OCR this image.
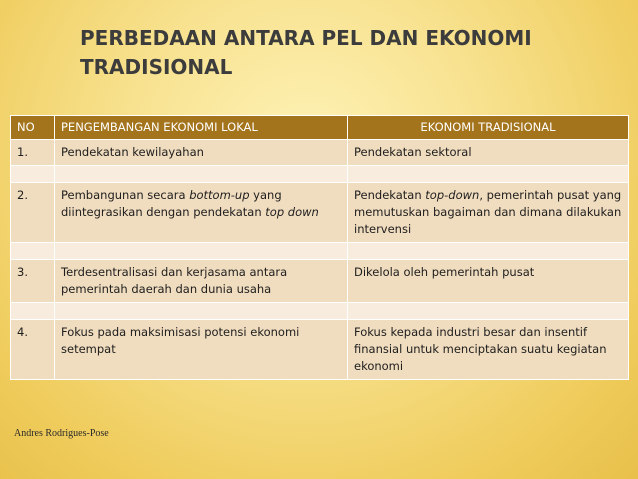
PERBEDAAN ANTARA PEL DAN EKONOMI TRADISIONAL
NO	PENGEMBANGAN EKONOMI LOKAL	EKONOMI TRADISIONAL
1.	Pendekatan kewilayahan	Pendekatan sektoral

2.	Pembangunan secara bottom-up yang diintegrasikan dengan pendekatan top down	Pendekatan top-down, pemerintah pusat yang memutuskan bagaiman dan dimana dilakukan intervensi

3.	Terdesentralisasi dan kerjasama antara pemerintah daerah dan dunia usaha	Dikelola oleh pemerintah pusat

4.	Fokus pada maksimisasi potensi ekonomi setempat	Fokus kepada industri besar dan insentif finansial untuk menciptakan suatu kegiatan ekonomi
Andres Rodrigues-Pose
